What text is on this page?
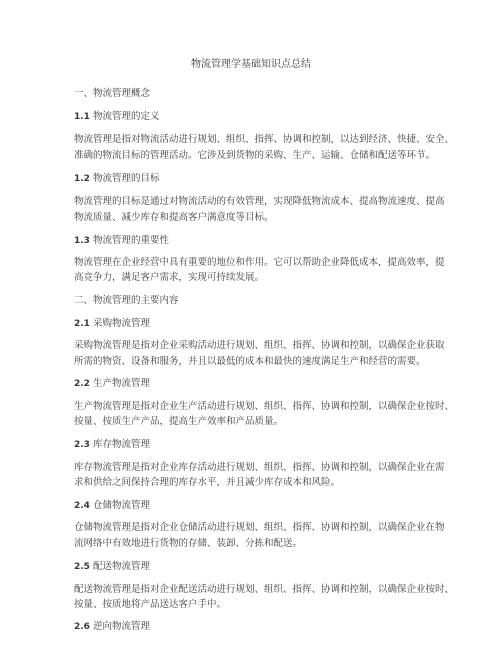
物流管理学基础知识点总结
一、物流管理概念
1.1 物流管理的定义
物流管理是指对物流活动进行规划、组织、指挥、协调和控制，以达到经济、快捷、安全、
准确的物流目标的管理活动。它涉及到货物的采购、生产、运输、仓储和配送等环节。
1.2 物流管理的目标
物流管理的目标是通过对物流活动的有效管理，实现降低物流成本、提高物流速度、提高
物流质量、减少库存和提高客户满意度等目标。
1.3 物流管理的重要性
物流管理在企业经营中具有重要的地位和作用。它可以帮助企业降低成本，提高效率，提
高竞争力，满足客户需求，实现可持续发展。
二、物流管理的主要内容
2.1 采购物流管理
采购物流管理是指对企业采购活动进行规划、组织、指挥、协调和控制，以确保企业获取
所需的物资、设备和服务，并且以最低的成本和最快的速度满足生产和经营的需要。
2.2 生产物流管理
生产物流管理是指对企业生产活动进行规划、组织、指挥、协调和控制，以确保企业按时、
按量、按质生产产品，提高生产效率和产品质量。
2.3 库存物流管理
库存物流管理是指对企业库存活动进行规划、组织、指挥、协调和控制，以确保企业在需
求和供给之间保持合理的库存水平，并且减少库存成本和风险。
2.4 仓储物流管理
仓储物流管理是指对企业仓储活动进行规划、组织、指挥、协调和控制，以确保企业在物
流网络中有效地进行货物的存储、装卸、分拣和配送。
2.5 配送物流管理
配送物流管理是指对企业配送活动进行规划、组织、指挥、协调和控制，以确保企业按时、
按量、按质地将产品送达客户手中。
2.6 逆向物流管理
